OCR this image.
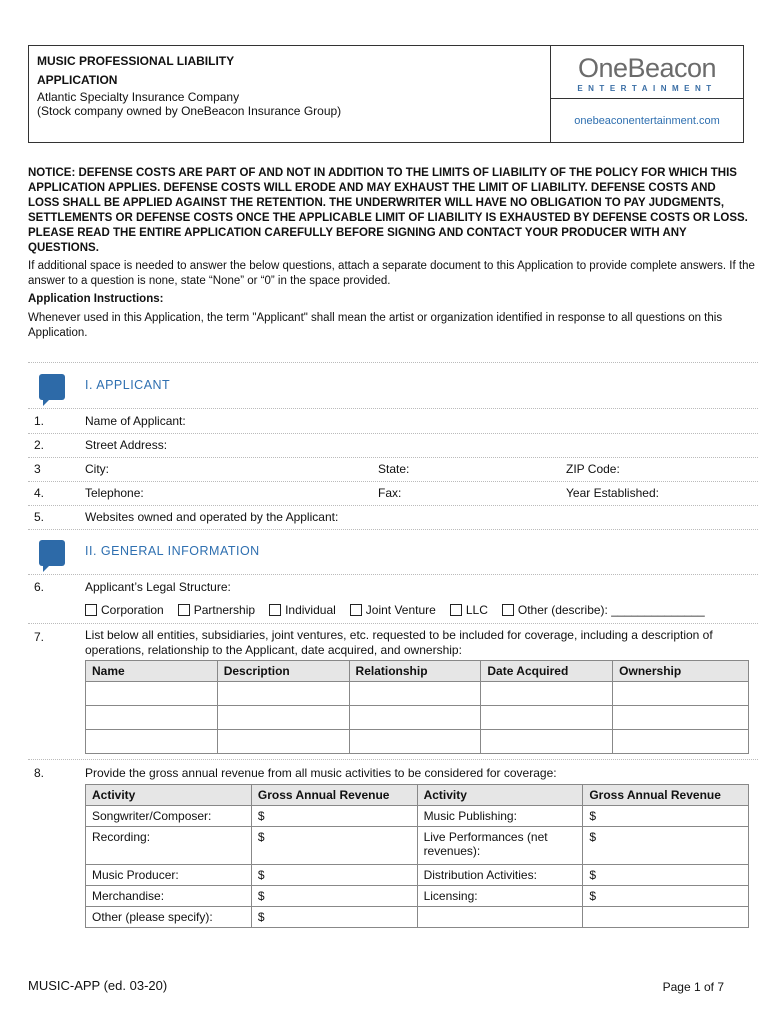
MUSIC PROFESSIONAL LIABILITY
APPLICATION
Atlantic Specialty Insurance Company
(Stock company owned by OneBeacon Insurance Group)
OneBeacon
ENTERTAINMENT
onebeaconentertainment.com
NOTICE: DEFENSE COSTS ARE PART OF AND NOT IN ADDITION TO THE LIMITS OF LIABILITY OF THE POLICY FOR WHICH THIS APPLICATION APPLIES. DEFENSE COSTS WILL ERODE AND MAY EXHAUST THE LIMIT OF LIABILITY. DEFENSE COSTS AND LOSS SHALL BE APPLIED AGAINST THE RETENTION. THE UNDERWRITER WILL HAVE NO OBLIGATION TO PAY JUDGMENTS, SETTLEMENTS OR DEFENSE COSTS ONCE THE APPLICABLE LIMIT OF LIABILITY IS EXHAUSTED BY DEFENSE COSTS OR LOSS. PLEASE READ THE ENTIRE APPLICATION CAREFULLY BEFORE SIGNING AND CONTACT YOUR PRODUCER WITH ANY QUESTIONS.
If additional space is needed to answer the below questions, attach a separate document to this Application to provide complete answers. If the answer to a question is none, state “None” or “0” in the space provided.
Application Instructions:
Whenever used in this Application, the term "Applicant" shall mean the artist or organization identified in response to all questions on this Application.
I. APPLICANT
1.	Name of Applicant:
2.	Street Address:
3	City:	State:	ZIP Code:
4.	Telephone:	Fax:	Year Established:
5.	Websites owned and operated by the Applicant:
II. GENERAL INFORMATION
6.	Applicant’s Legal Structure:
Corporation	Partnership	Individual	Joint Venture	LLC	Other (describe): ______________
7.	List below all entities, subsidiaries, joint ventures, etc. requested to be included for coverage, including a description of operations, relationship to the Applicant, date acquired, and ownership:
Name	Description	Relationship	Date Acquired	Ownership

8.	Provide the gross annual revenue from all music activities to be considered for coverage:
Activity	Gross Annual Revenue	Activity	Gross Annual Revenue
Songwriter/Composer:	$	Music Publishing:	$
Recording:	$	Live Performances (net revenues):	$
Music Producer:	$	Distribution Activities:	$
Merchandise:	$	Licensing:	$
Other (please specify):	$		
MUSIC-APP (ed. 03-20)	Page 1 of 7
